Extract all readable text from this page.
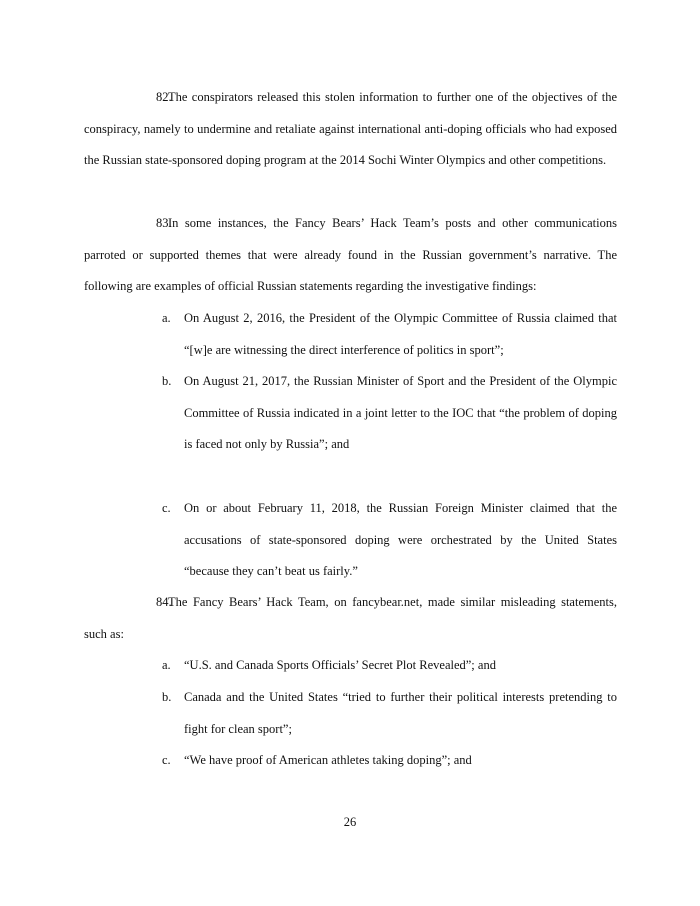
82.The conspirators released this stolen information to further one of the objectives of the conspiracy, namely to undermine and retaliate against international anti-doping officials who had exposed the Russian state-sponsored doping program at the 2014 Sochi Winter Olympics and other competitions.

83.In some instances, the Fancy Bears’ Hack Team’s posts and other communications parroted or supported themes that were already found in the Russian government’s narrative. The following are examples of official Russian statements regarding the investigative findings:

a.	On August 2, 2016, the President of the Olympic Committee of Russia claimed that “[w]e are witnessing the direct interference of politics in sport”;
b.	On August 21, 2017, the Russian Minister of Sport and the President of the Olympic Committee of Russia indicated in a joint letter to the IOC that “the problem of doping is faced not only by Russia”; and
c.	On or about February 11, 2018, the Russian Foreign Minister claimed that the accusations of state-sponsored doping were orchestrated by the United States “because they can’t beat us fairly.”

84.The Fancy Bears’ Hack Team, on fancybear.net, made similar misleading statements, such as:

a.	“U.S. and Canada Sports Officials’ Secret Plot Revealed”; and
b.	Canada and the United States “tried to further their political interests pretending to fight for clean sport”;
c.	“We have proof of American athletes taking doping”; and
26
